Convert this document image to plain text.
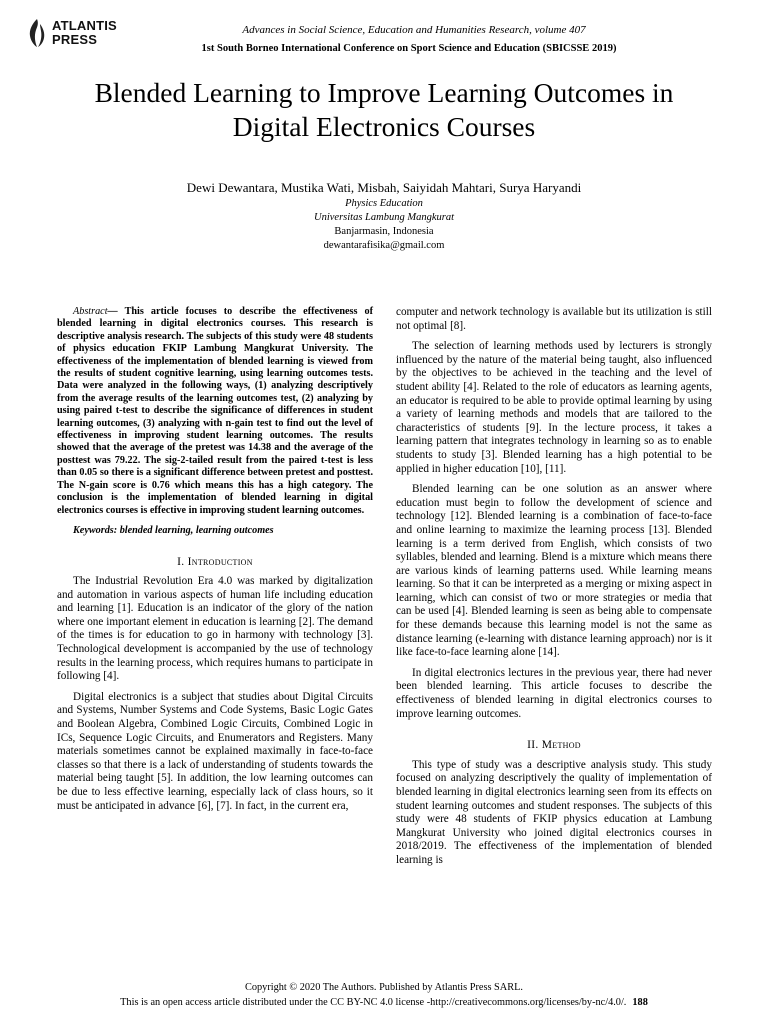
ATLANTIS
PRESS
Advances in Social Science, Education and Humanities Research, volume 407
1st South Borneo International Conference on Sport Science and Education (SBICSSE 2019)
Blended Learning to Improve Learning Outcomes in
Digital Electronics Courses
Dewi Dewantara, Mustika Wati, Misbah, Saiyidah Mahtari, Surya Haryandi
Physics Education
Universitas Lambung Mangkurat
Banjarmasin, Indonesia
dewantarafisika@gmail.com

Abstract— This article focuses to describe the effectiveness of blended learning in digital electronics courses. This research is descriptive analysis research. The subjects of this study were 48 students of physics education FKIP Lambung Mangkurat University. The effectiveness of the implementation of blended learning is viewed from the results of student cognitive learning, using learning outcomes tests. Data were analyzed in the following ways, (1) analyzing descriptively from the average results of the learning outcomes test, (2) analyzing by using paired t-test to describe the significance of differences in student learning outcomes, (3) analyzing with n-gain test to find out the level of effectiveness in improving student learning outcomes. The results showed that the average of the pretest was 14.38 and the average of the posttest was 79.22. The sig-2-tailed result from the paired t-test is less than 0.05 so there is a significant difference between pretest and posttest. The N-gain score is 0.76 which means this has a high category. The conclusion is the implementation of blended learning in digital electronics courses is effective in improving student learning outcomes.

Keywords: blended learning, learning outcomes

I. Introduction

The Industrial Revolution Era 4.0 was marked by digitalization and automation in various aspects of human life including education and learning [1]. Education is an indicator of the glory of the nation where one important element in education is learning [2]. The demand of the times is for education to go in harmony with technology [3]. Technological development is accompanied by the use of technology results in the learning process, which requires humans to participate in following [4].

Digital electronics is a subject that studies about Digital Circuits and Systems, Number Systems and Code Systems, Basic Logic Gates and Boolean Algebra, Combined Logic Circuits, Combined Logic in ICs, Sequence Logic Circuits, and Enumerators and Registers. Many materials sometimes cannot be explained maximally in face-to-face classes so that there is a lack of understanding of students towards the material being taught [5]. In addition, the low learning outcomes can be due to less effective learning, especially lack of class hours, so it must be anticipated in advance [6], [7]. In fact, in the current era,

computer and network technology is available but its utilization is still not optimal [8].

The selection of learning methods used by lecturers is strongly influenced by the nature of the material being taught, also influenced by the objectives to be achieved in the teaching and the level of student ability [4]. Related to the role of educators as learning agents, an educator is required to be able to provide optimal learning by using a variety of learning methods and models that are tailored to the characteristics of students [9]. In the lecture process, it takes a learning pattern that integrates technology in learning so as to enable students to study [3]. Blended learning has a high potential to be applied in higher education [10], [11].

Blended learning can be one solution as an answer where education must begin to follow the development of science and technology [12]. Blended learning is a combination of face-to-face and online learning to maximize the learning process [13]. Blended learning is a term derived from English, which consists of two syllables, blended and learning. Blend is a mixture which means there are various kinds of learning patterns used. While learning means learning. So that it can be interpreted as a merging or mixing aspect in learning, which can consist of two or more strategies or media that can be used [4]. Blended learning is seen as being able to compensate for these demands because this learning model is not the same as distance learning (e-learning with distance learning approach) nor is it like face-to-face learning alone [14].

In digital electronics lectures in the previous year, there had never been blended learning. This article focuses to describe the effectiveness of blended learning in digital electronics courses to improve learning outcomes.

II. Method

This type of study was a descriptive analysis study. This study focused on analyzing descriptively the quality of implementation of blended learning in digital electronics learning seen from its effects on student learning outcomes and student responses. The subjects of this study were 48 students of FKIP physics education at Lambung Mangkurat University who joined digital electronics courses in 2018/2019. The effectiveness of the implementation of blended learning is

Copyright © 2020 The Authors. Published by Atlantis Press SARL.
This is an open access article distributed under the CC BY-NC 4.0 license -http://creativecommons.org/licenses/by-nc/4.0/. 188
